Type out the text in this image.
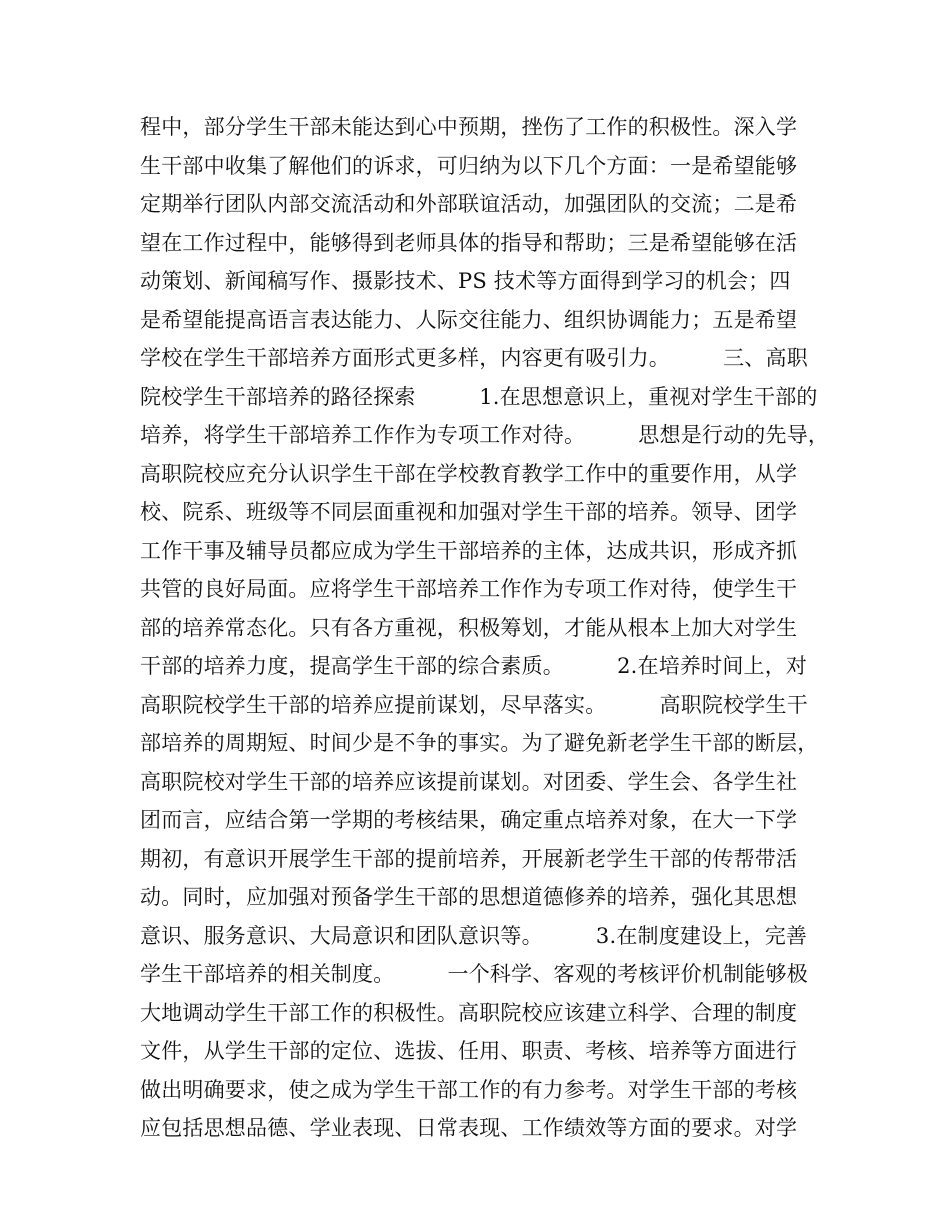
程中，部分学生干部未能达到心中预期，挫伤了工作的积极性。深入学
生干部中收集了解他们的诉求，可归纳为以下几个方面：一是希望能够
定期举行团队内部交流活动和外部联谊活动，加强团队的交流；二是希
望在工作过程中，能够得到老师具体的指导和帮助；三是希望能够在活
动策划、新闻稿写作、摄影技术、PS 技术等方面得到学习的机会；四
是希望能提高语言表达能力、人际交往能力、组织协调能力；五是希望
学校在学生干部培养方面形式更多样，内容更有吸引力。　　　三、高职
院校学生干部培养的路径探索　　　1.在思想意识上，重视对学生干部的
培养，将学生干部培养工作作为专项工作对待。　　　思想是行动的先导，
高职院校应充分认识学生干部在学校教育教学工作中的重要作用，从学
校、院系、班级等不同层面重视和加强对学生干部的培养。领导、团学
工作干事及辅导员都应成为学生干部培养的主体，达成共识，形成齐抓
共管的良好局面。应将学生干部培养工作作为专项工作对待，使学生干
部的培养常态化。只有各方重视，积极筹划，才能从根本上加大对学生
干部的培养力度，提高学生干部的综合素质。　　　2.在培养时间上，对
高职院校学生干部的培养应提前谋划，尽早落实。　　　高职院校学生干
部培养的周期短、时间少是不争的事实。为了避免新老学生干部的断层，
高职院校对学生干部的培养应该提前谋划。对团委、学生会、各学生社
团而言，应结合第一学期的考核结果，确定重点培养对象，在大一下学
期初，有意识开展学生干部的提前培养，开展新老学生干部的传帮带活
动。同时，应加强对预备学生干部的思想道德修养的培养，强化其思想
意识、服务意识、大局意识和团队意识等。　　　3.在制度建设上，完善
学生干部培养的相关制度。　　　一个科学、客观的考核评价机制能够极
大地调动学生干部工作的积极性。高职院校应该建立科学、合理的制度
文件，从学生干部的定位、选拔、任用、职责、考核、培养等方面进行
做出明确要求，使之成为学生干部工作的有力参考。对学生干部的考核
应包括思想品德、学业表现、日常表现、工作绩效等方面的要求。对学
